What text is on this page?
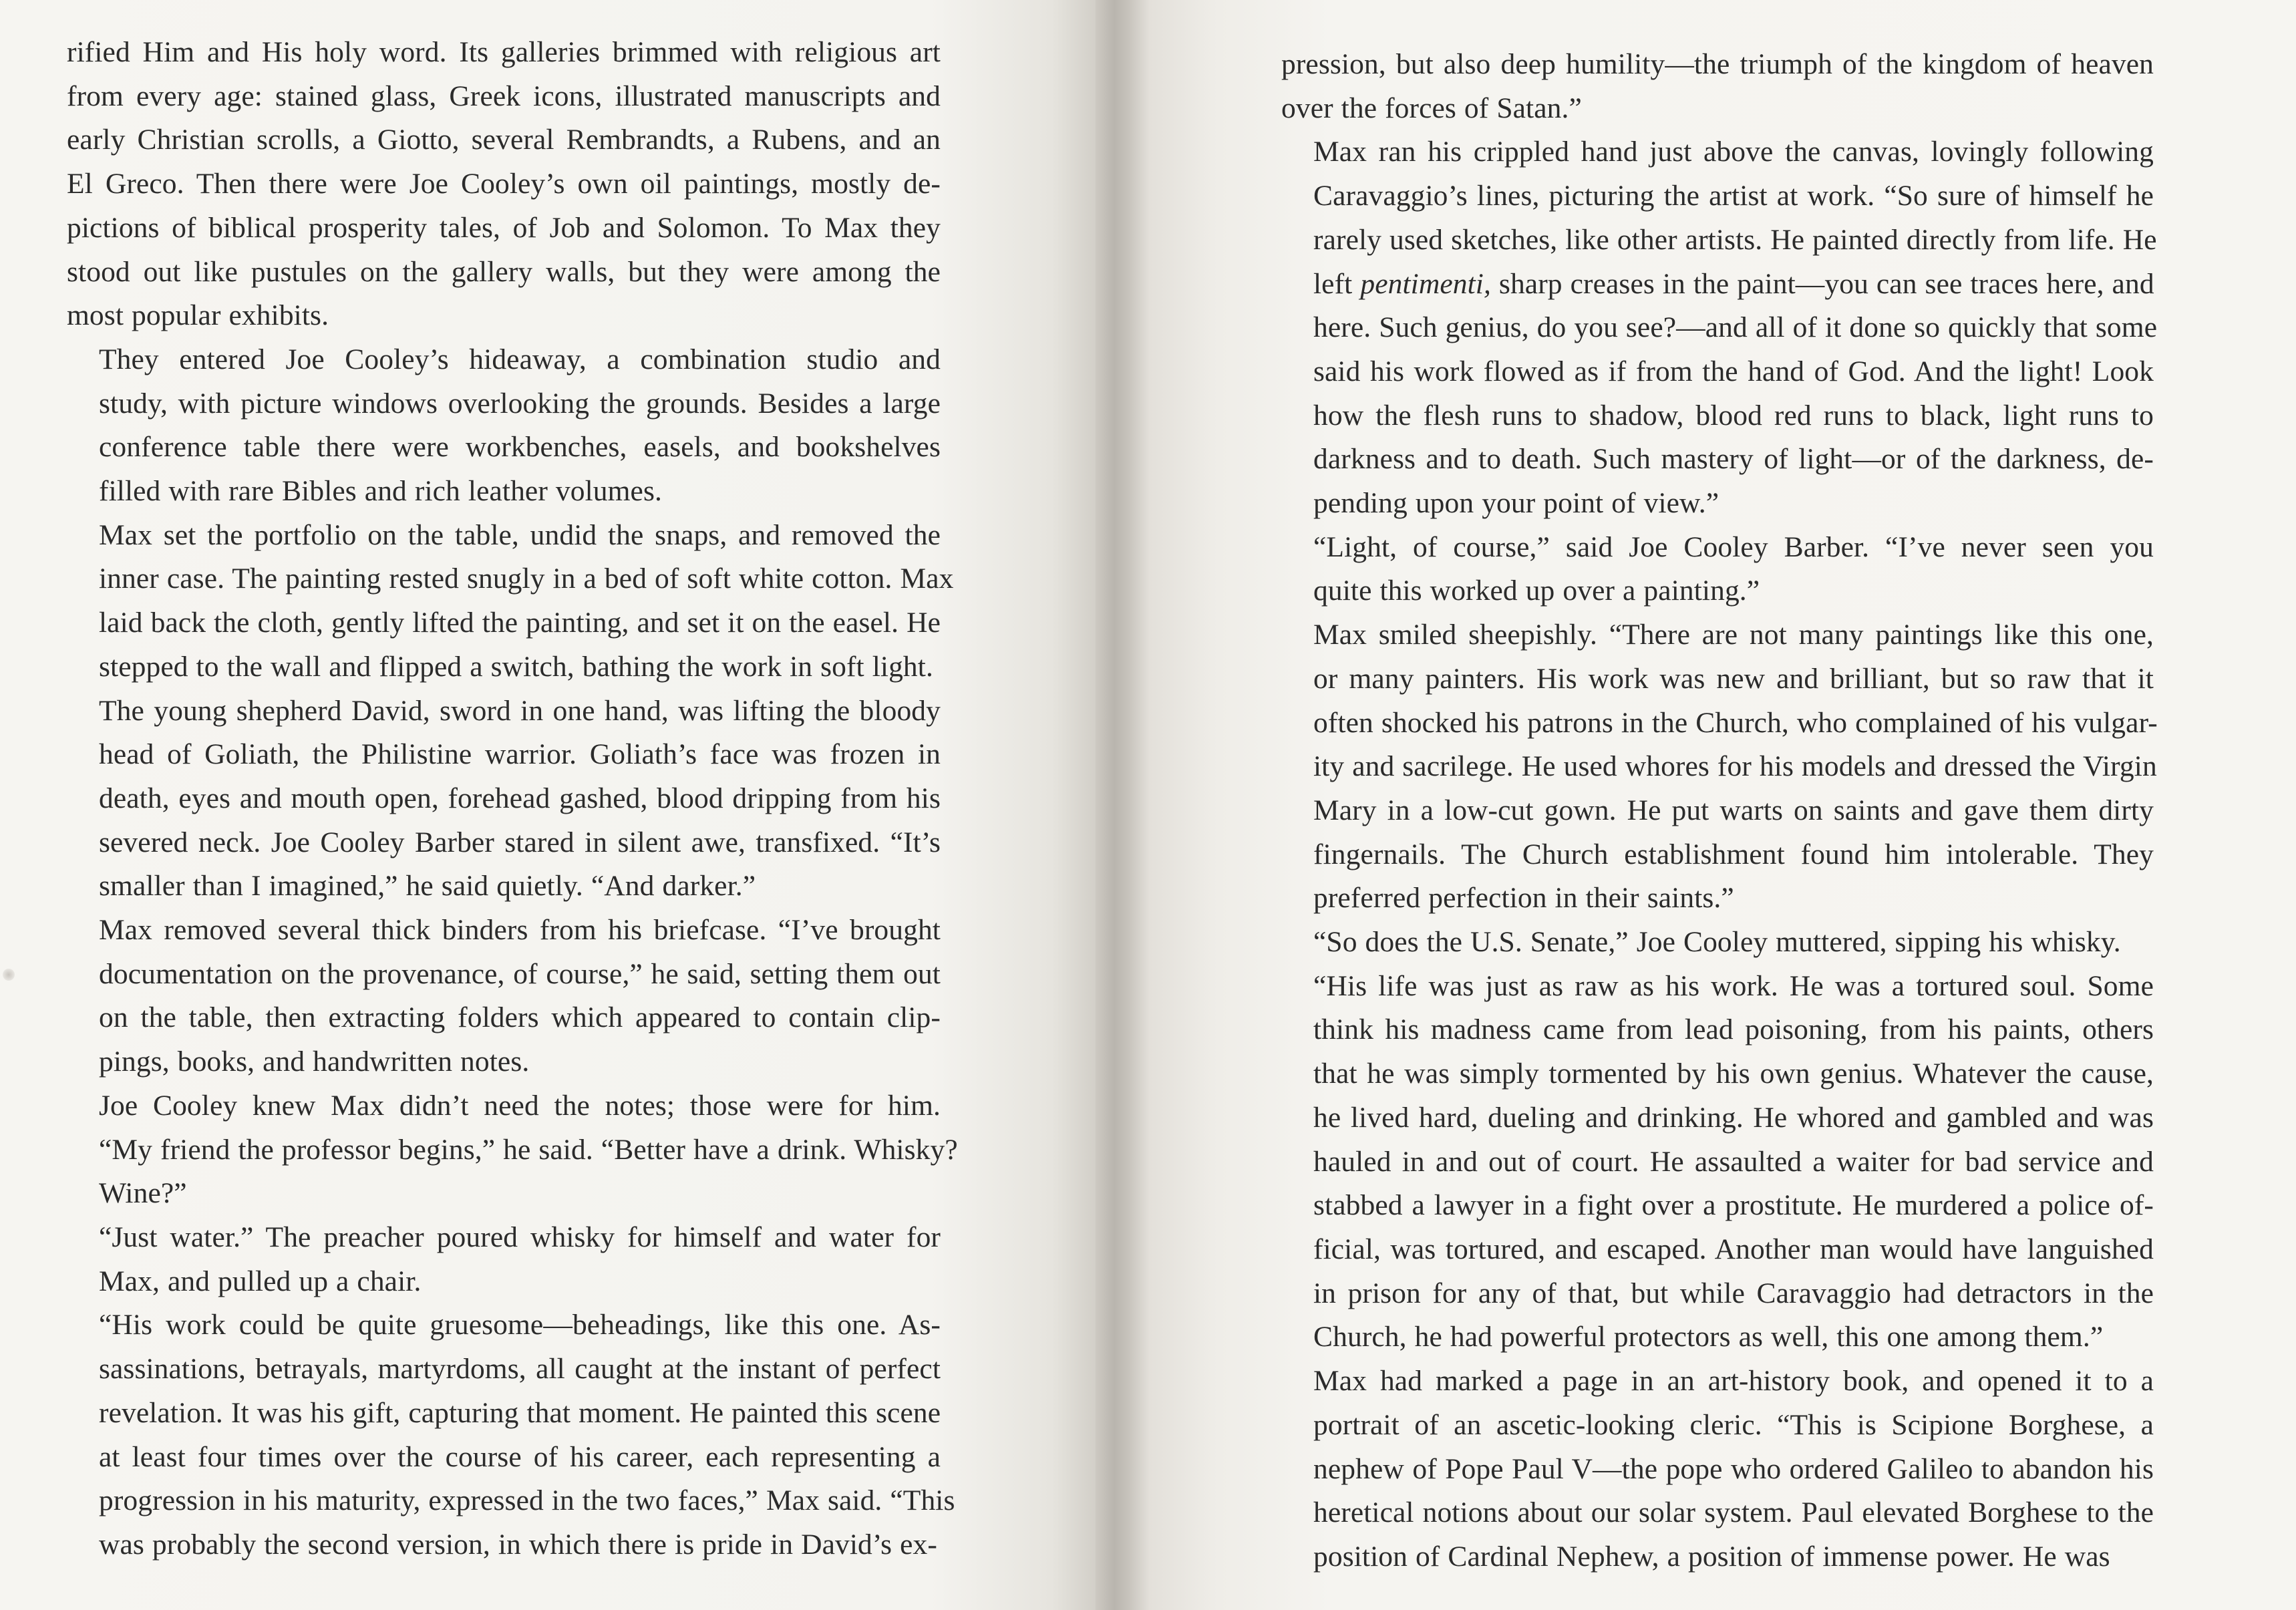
rified Him and His holy word. Its galleries brimmed with religious art
from every age: stained glass, Greek icons, illustrated manuscripts and
early Christian scrolls, a Giotto, several Rembrandts, a Rubens, and an
El Greco. Then there were Joe Cooley’s own oil paintings, mostly de-
pictions of biblical prosperity tales, of Job and Solomon. To Max they
stood out like pustules on the gallery walls, but they were among the
most popular exhibits.

They entered Joe Cooley’s hideaway, a combination studio and
study, with picture windows overlooking the grounds. Besides a large
conference table there were workbenches, easels, and bookshelves
filled with rare Bibles and rich leather volumes.

Max set the portfolio on the table, undid the snaps, and removed the
inner case. The painting rested snugly in a bed of soft white cotton. Max
laid back the cloth, gently lifted the painting, and set it on the easel. He
stepped to the wall and flipped a switch, bathing the work in soft light.

The young shepherd David, sword in one hand, was lifting the bloody
head of Goliath, the Philistine warrior. Goliath’s face was frozen in
death, eyes and mouth open, forehead gashed, blood dripping from his
severed neck. Joe Cooley Barber stared in silent awe, transfixed. “It’s
smaller than I imagined,” he said quietly. “And darker.”

Max removed several thick binders from his briefcase. “I’ve brought
documentation on the provenance, of course,” he said, setting them out
on the table, then extracting folders which appeared to contain clip-
pings, books, and handwritten notes.

Joe Cooley knew Max didn’t need the notes; those were for him.
“My friend the professor begins,” he said. “Better have a drink. Whisky?
Wine?”

“Just water.” The preacher poured whisky for himself and water for
Max, and pulled up a chair.

“His work could be quite gruesome—beheadings, like this one. As-
sassinations, betrayals, martyrdoms, all caught at the instant of perfect
revelation. It was his gift, capturing that moment. He painted this scene
at least four times over the course of his career, each representing a
progression in his maturity, expressed in the two faces,” Max said. “This
was probably the second version, in which there is pride in David’s ex-

pression, but also deep humility—the triumph of the kingdom of heaven
over the forces of Satan.”

Max ran his crippled hand just above the canvas, lovingly following
Caravaggio’s lines, picturing the artist at work. “So sure of himself he
rarely used sketches, like other artists. He painted directly from life. He
left pentimenti, sharp creases in the paint—you can see traces here, and
here. Such genius, do you see?—and all of it done so quickly that some
said his work flowed as if from the hand of God. And the light! Look
how the flesh runs to shadow, blood red runs to black, light runs to
darkness and to death. Such mastery of light—or of the darkness, de-
pending upon your point of view.”

“Light, of course,” said Joe Cooley Barber. “I’ve never seen you
quite this worked up over a painting.”

Max smiled sheepishly. “There are not many paintings like this one,
or many painters. His work was new and brilliant, but so raw that it
often shocked his patrons in the Church, who complained of his vulgar-
ity and sacrilege. He used whores for his models and dressed the Virgin
Mary in a low-cut gown. He put warts on saints and gave them dirty
fingernails. The Church establishment found him intolerable. They
preferred perfection in their saints.”

“So does the U.S. Senate,” Joe Cooley muttered, sipping his whisky.

“His life was just as raw as his work. He was a tortured soul. Some
think his madness came from lead poisoning, from his paints, others
that he was simply tormented by his own genius. Whatever the cause,
he lived hard, dueling and drinking. He whored and gambled and was
hauled in and out of court. He assaulted a waiter for bad service and
stabbed a lawyer in a fight over a prostitute. He murdered a police of-
ficial, was tortured, and escaped. Another man would have languished
in prison for any of that, but while Caravaggio had detractors in the
Church, he had powerful protectors as well, this one among them.”

Max had marked a page in an art-history book, and opened it to a
portrait of an ascetic-looking cleric. “This is Scipione Borghese, a
nephew of Pope Paul V—the pope who ordered Galileo to abandon his
heretical notions about our solar system. Paul elevated Borghese to the
position of Cardinal Nephew, a position of immense power. He was
